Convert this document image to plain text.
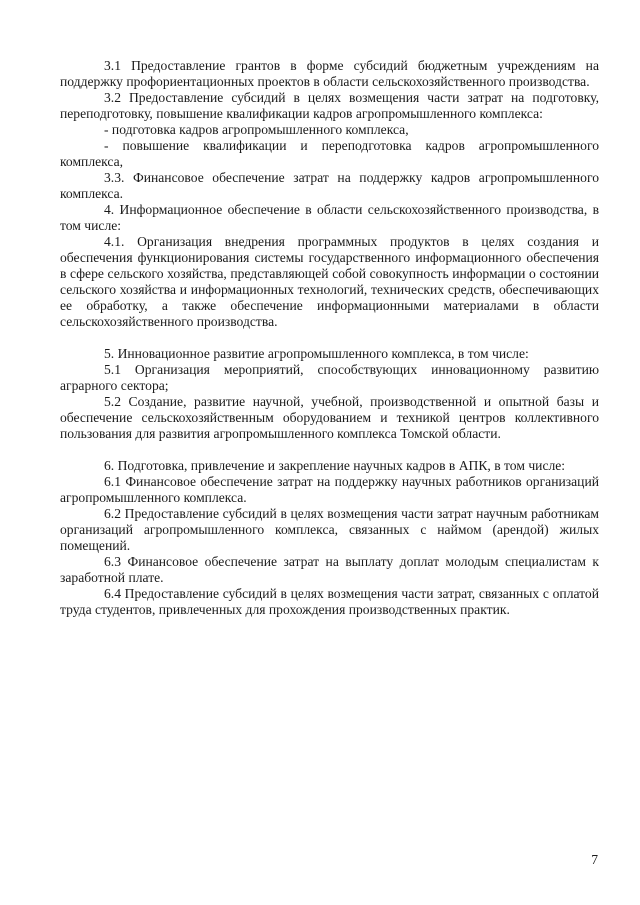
3.1 Предоставление грантов в форме субсидий бюджетным учреждениям на поддержку профориентационных проектов в области сельскохозяйственного производства.

3.2 Предоставление субсидий в целях возмещения части затрат на подготовку, переподготовку, повышение квалификации кадров агропромышленного комплекса:

- подготовка кадров агропромышленного комплекса,

- повышение квалификации и переподготовка кадров агропромышленного комплекса,

3.3. Финансовое обеспечение затрат на поддержку кадров агропромышленного комплекса.

4. Информационное обеспечение в области сельскохозяйственного производства, в том числе:

4.1. Организация внедрения программных продуктов в целях создания и обеспечения функционирования системы государственного информационного обеспечения в сфере сельского хозяйства, представляющей собой совокупность информации о состоянии сельского хозяйства и информационных технологий, технических средств, обеспечивающих ее обработку, а также обеспечение информационными материалами в области сельскохозяйственного производства.

5. Инновационное развитие агропромышленного комплекса, в том числе:

5.1 Организация мероприятий, способствующих инновационному развитию аграрного сектора;

5.2 Создание, развитие научной, учебной, производственной и опытной базы и обеспечение сельскохозяйственным оборудованием и техникой центров коллективного пользования для развития агропромышленного комплекса Томской области.

6. Подготовка, привлечение и закрепление научных кадров в АПК, в том числе:

6.1 Финансовое обеспечение затрат на поддержку научных работников организаций агропромышленного комплекса.

6.2 Предоставление субсидий в целях возмещения части затрат научным работникам организаций агропромышленного комплекса, связанных с наймом (арендой) жилых помещений.

6.3 Финансовое обеспечение затрат на выплату доплат молодым специалистам к заработной плате.

6.4 Предоставление субсидий в целях возмещения части затрат, связанных с оплатой труда студентов, привлеченных для прохождения производственных практик.

7
